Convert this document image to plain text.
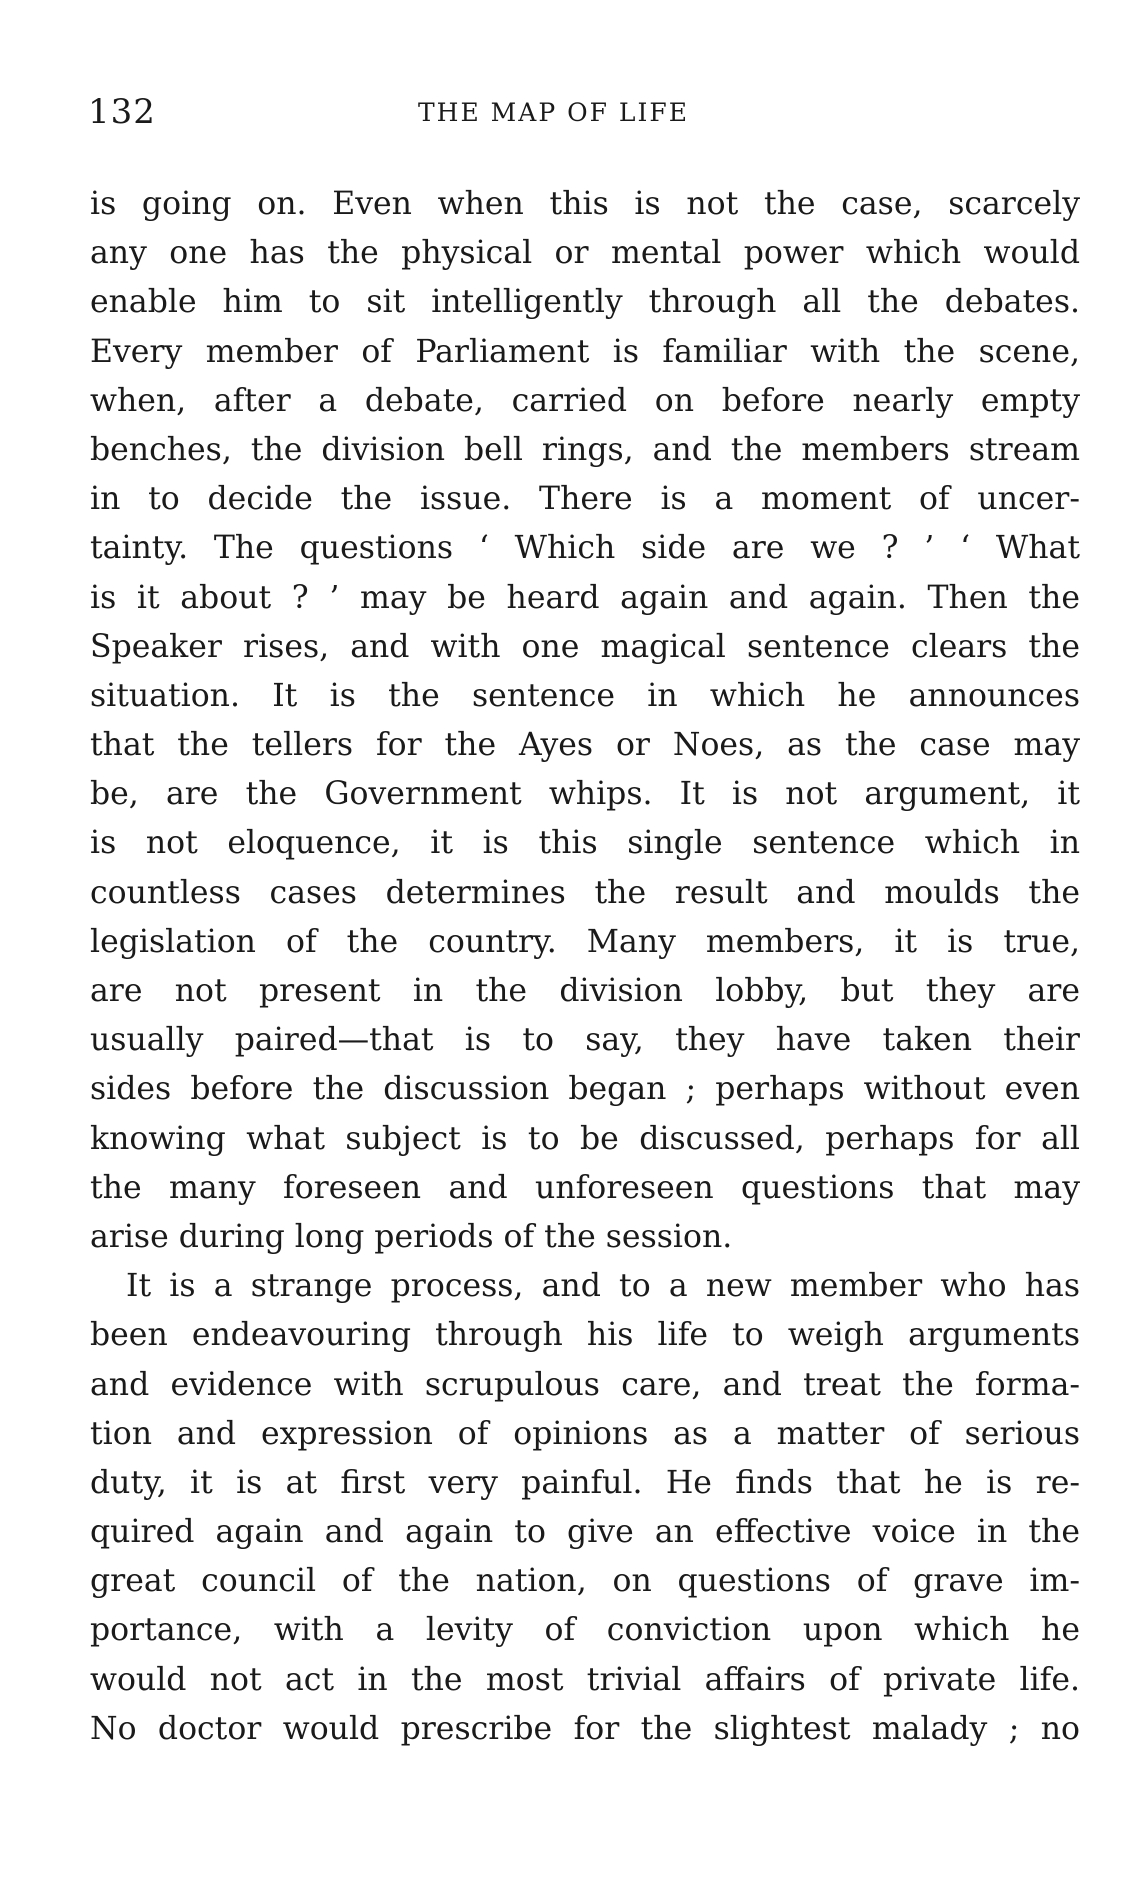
132	THE MAP OF LIFE
is going on. Even when this is not the case, scarcely
any one has the physical or mental power which would
enable him to sit intelligently through all the debates.
Every member of Parliament is familiar with the scene,
when, after a debate, carried on before nearly empty
benches, the division bell rings, and the members stream
in to decide the issue. There is a moment of uncer-
tainty. The questions ‘ Which side are we ? ’ ‘ What
is it about ? ’ may be heard again and again. Then the
Speaker rises, and with one magical sentence clears the
situation. It is the sentence in which he announces
that the tellers for the Ayes or Noes, as the case may
be, are the Government whips. It is not argument, it
is not eloquence, it is this single sentence which in
countless cases determines the result and moulds the
legislation of the country. Many members, it is true,
are not present in the division lobby, but they are
usually paired—that is to say, they have taken their
sides before the discussion began ; perhaps without even
knowing what subject is to be discussed, perhaps for all
the many foreseen and unforeseen questions that may
arise during long periods of the session.
It is a strange process, and to a new member who has
been endeavouring through his life to weigh arguments
and evidence with scrupulous care, and treat the forma-
tion and expression of opinions as a matter of serious
duty, it is at first very painful. He finds that he is re-
quired again and again to give an effective voice in the
great council of the nation, on questions of grave im-
portance, with a levity of conviction upon which he
would not act in the most trivial affairs of private life.
No doctor would prescribe for the slightest malady ; no
